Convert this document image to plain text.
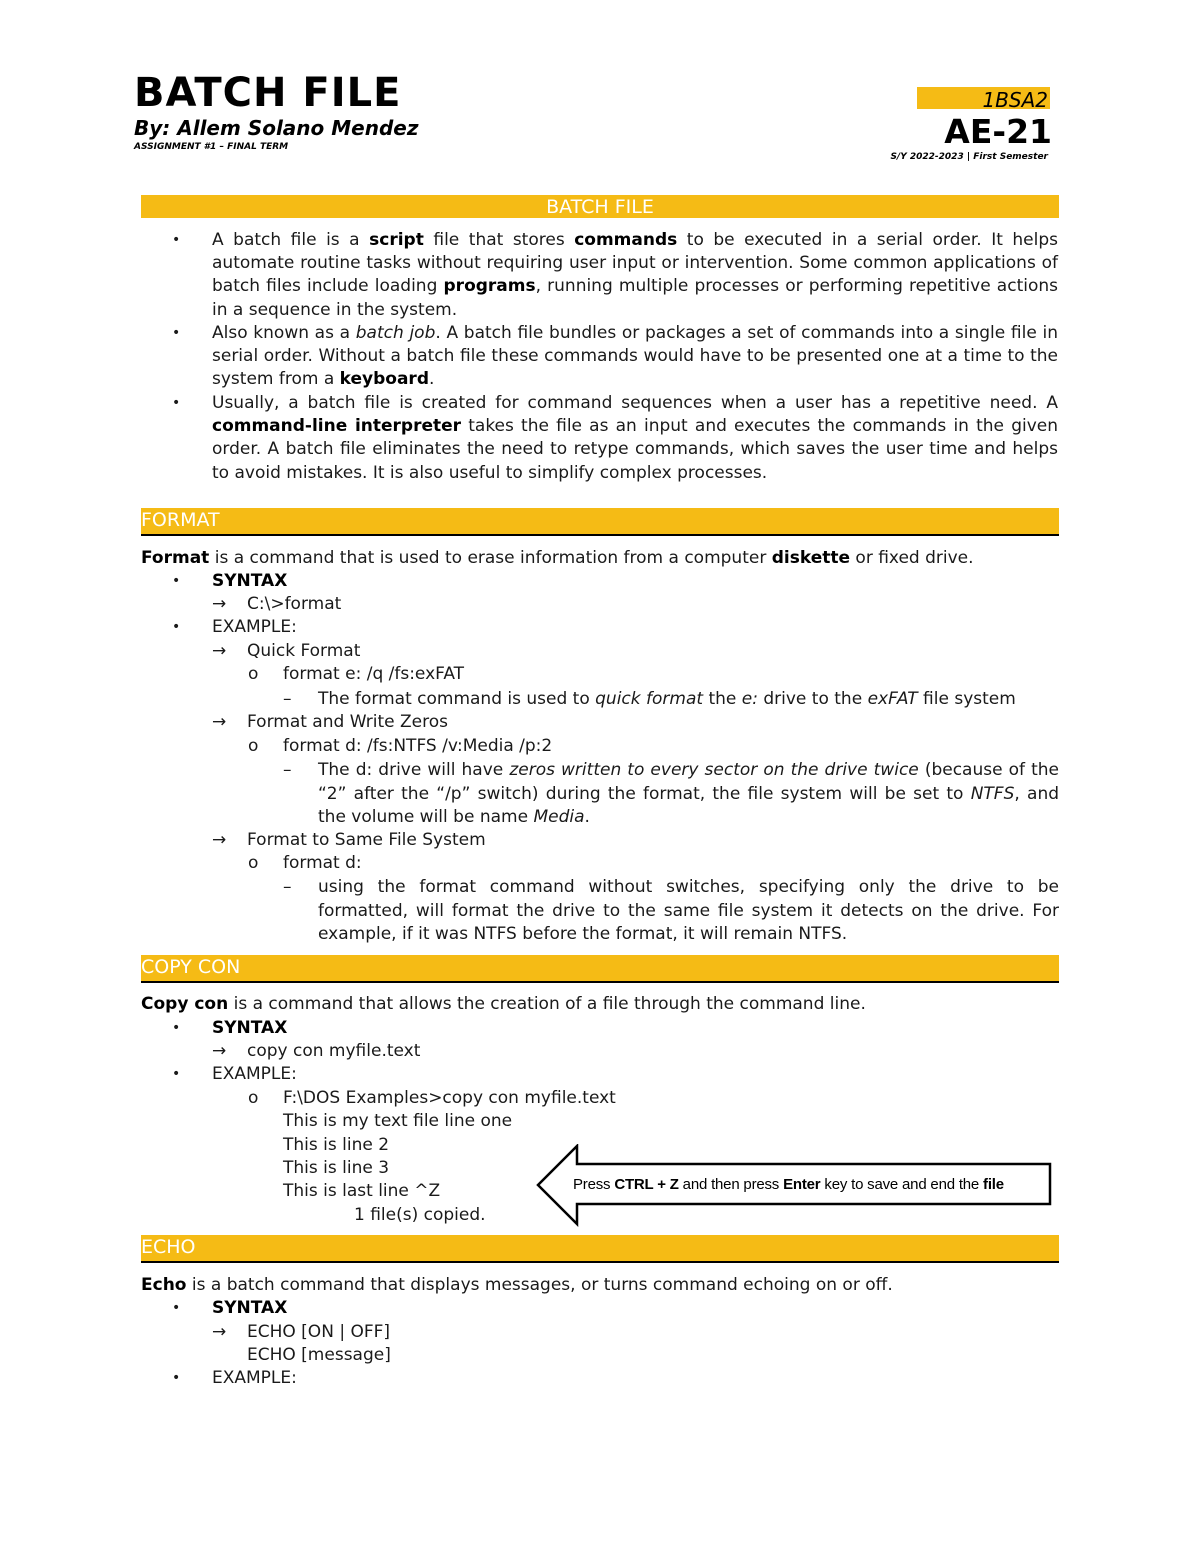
BATCH FILE
By: Allem Solano Mendez
ASSIGNMENT #1 – FINAL TERM
1BSA2
AE-21
S/Y 2022-2023 | First Semester
BATCH FILE
• A batch file is a script file that stores commands to be executed in a serial order. It helps automate routine tasks without requiring user input or intervention. Some common applications of batch files include loading programs, running multiple processes or performing repetitive actions in a sequence in the system.
• Also known as a batch job. A batch file bundles or packages a set of commands into a single file in serial order. Without a batch file these commands would have to be presented one at a time to the system from a keyboard.
• Usually, a batch file is created for command sequences when a user has a repetitive need. A command-line interpreter takes the file as an input and executes the commands in the given order. A batch file eliminates the need to retype commands, which saves the user time and helps to avoid mistakes. It is also useful to simplify complex processes.
FORMAT
Format is a command that is used to erase information from a computer diskette or fixed drive.
• SYNTAX
→ C:\>format
• EXAMPLE:
→ Quick Format
o format e: /q /fs:exFAT
– The format command is used to quick format the e: drive to the exFAT file system
→ Format and Write Zeros
o format d: /fs:NTFS /v:Media /p:2
– The d: drive will have zeros written to every sector on the drive twice (because of the “2” after the “/p” switch) during the format, the file system will be set to NTFS, and the volume will be name Media.
→ Format to Same File System
o format d:
– using the format command without switches, specifying only the drive to be formatted, will format the drive to the same file system it detects on the drive. For example, if it was NTFS before the format, it will remain NTFS.
COPY CON
Copy con is a command that allows the creation of a file through the command line.
• SYNTAX
→ copy con myfile.text
• EXAMPLE:
o F:\DOS Examples>copy con myfile.text
This is my text file line one
This is line 2
This is line 3
This is last line ^Z
1 file(s) copied.
Press CTRL + Z and then press Enter key to save and end the file
ECHO
Echo is a batch command that displays messages, or turns command echoing on or off.
• SYNTAX
→ ECHO [ON | OFF]
ECHO [message]
• EXAMPLE:
